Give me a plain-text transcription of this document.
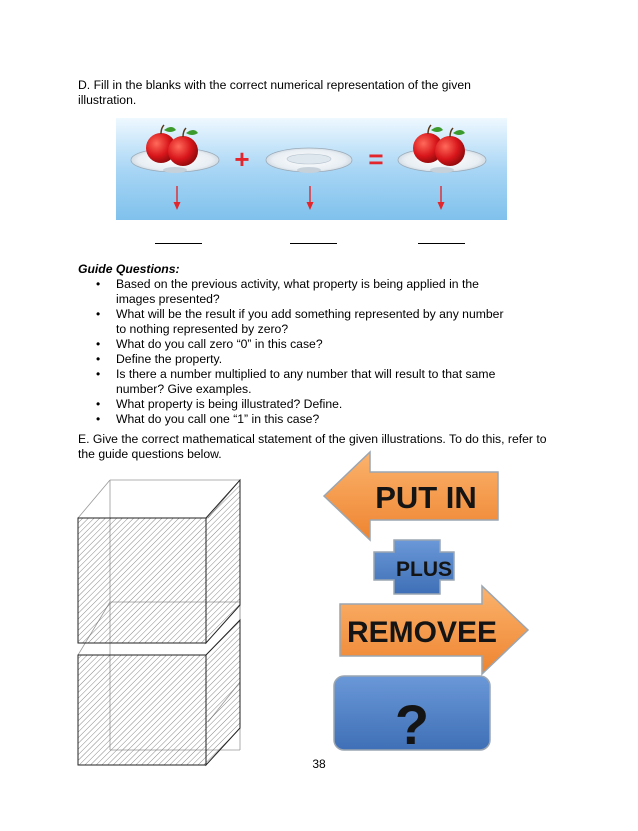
D. Fill in the blanks with the correct numerical representation of the given illustration.
+	=
Guide Questions:
• Based on the previous activity, what property is being applied in the images presented?
• What will be the result if you add something represented by any number to nothing represented by zero?
• What do you call zero “0” in this case?
• Define the property.
• Is there a number multiplied to any number that will result to that same number? Give examples.
• What property is being illustrated? Define.
• What do you call one “1” in this case?
E. Give the correct mathematical statement of the given illustrations. To do this, refer to the guide questions below.
PUT IN
PLUS
REMOVEE
?
38
